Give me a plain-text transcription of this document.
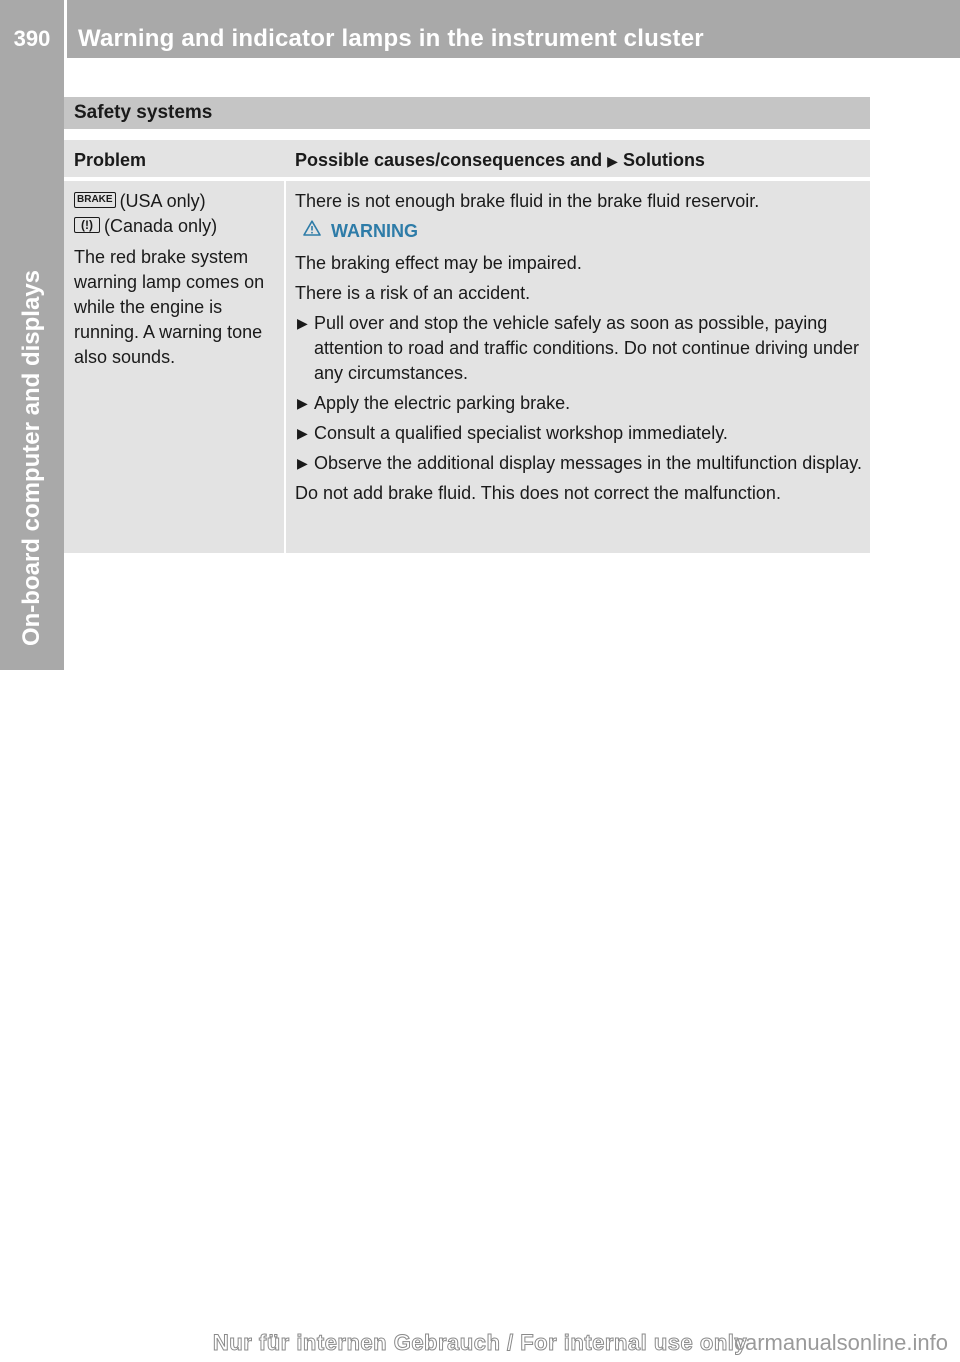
390	Warning and indicator lamps in the instrument cluster
On-board computer and displays
Safety systems
Problem	Possible causes/consequences and ▶ Solutions

BRAKE (USA only)

(!) (Canada only)

The red brake system warning lamp comes on while the engine is running. A warning tone also sounds.

There is not enough brake fluid in the brake fluid reservoir.

WARNING

The braking effect may be impaired.

There is a risk of an accident.

▶ Pull over and stop the vehicle safely as soon as possible, paying attention to road and traffic conditions. Do not continue driving under any circumstances.

▶ Apply the electric parking brake.

▶ Consult a qualified specialist workshop immediately.

▶ Observe the additional display messages in the multifunction display.

Do not add brake fluid. This does not correct the malfunction.

Nur für internen Gebrauch / For internal use only
carmanualsonline.info
